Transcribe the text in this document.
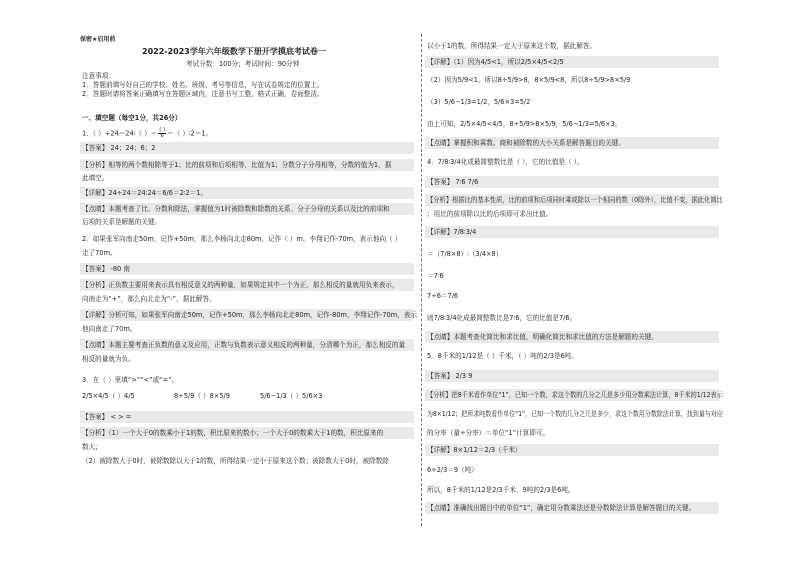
保密★启用前
2022-2023学年六年级数学下册开学摸底考试卷一
考试分数：100分；考试时间：90分钟
注意事项：
1．答题前填写好自己的学校、姓名、班级、考号等信息，写在试卷规定的位置上。
2．答题时请将答案正确填写在答题区域内，注意书写工整，格式正确，卷面整洁。
一、填空题（每空1分，共26分）
1．（ ）÷24＝24∶（ ）＝ $\frac{( )}{6}$ ＝（ ）∶2＝1。
【答案】 24；24；6；2
【分析】相等的两个数相除等于1；比的前项和后项相等，比值为1；分数分子分母相等，分数的值为1，据
此填空。
【详解】24÷24＝24∶24＝6/6＝2∶2＝1。
【点睛】本题考查了比、分数和除法，掌握值为1时被除数和除数的关系、分子分母的关系以及比的前项和
后项的关系是解题的关键。
2．如果张军向南走50m，记作+50m，那么李杨向北走80m，记作（ ）m，李翔记作-70m，表示他向（ ）
走了70m。
【答案】 -80 南
【分析】正负数主要用来表示具有相反意义的两种量，如果规定其中一个为正，那么相反的量就用负来表示，
向南走为“+”，那么向北走为“-”，据此解答。
【详解】分析可知，如果张军向南走50m，记作+50m，那么李杨向北走80m，记作-80m，李翔记作-70m，表示
他向南走了70m。
【点睛】本题主要考查正负数的意义及应用，正数与负数表示意义相反的两种量，分清哪个为正，那么相反的量
相反的量就为负。
3．在（ ）里填“>”“<”或“=”。
2/5×4/5（ ）4/5	8÷5/9（ ）8×5/9	5/6−1/3（ ）5/6×3
【答案】 < > =
【分析】（1）一个大于0的数乘小于1的数，积比原来的数小；一个大于0的数乘大于1的数，积比原来的
数大；
（2）被除数大于0时，被除数除以大于1的数，所得结果一定小于原来这个数；被除数大于0时，被除数除
以小于1的数，所得结果一定大于原来这个数，据此解答。
【详解】（1）因为4/5<1，所以2/5×4/5<2/5
（2）因为5/9<1，所以8÷5/9>8，8×5/9<8，所以8÷5/9>8×5/9
（3）5/6−1/3=1/2，5/6×3=5/2
由上可知，2/5×4/5<4/5，8÷5/9>8×5/9，5/6−1/3=5/6×3。
【点睛】掌握积和乘数、商和被除数的大小关系是解答题目的关键。
4．7/8∶3/4化成最简整数比是（ ），它的比值是（ ）。
【答案】 7∶6 7/6
【分析】根据比的基本性质，比的前项和后项同时乘或除以一个相同的数（0除外），比值不变，据此化简比
；用比的前项除以比的后项即可求出比值。
【详解】7/8∶3/4
＝（7/8×8）∶（3/4×8）
＝7∶6
7÷6＝7/6
则7/8∶3/4化成最简整数比是7∶6，它的比值是7/6。
【点睛】本题考查化简比和求比值，明确化简比和求比值的方法是解题的关键。
5．8千米的1/12是（ ）千米，（ ）吨的2/3是6吨。
【答案】 2/3 9
【分析】把8千米看作单位“1”，已知一个数，求这个数的几分之几是多少用分数乘法计算，8千米的1/12表示
为8×1/12；把所求吨数看作单位“1”，已知一个数的几分之几是多少，求这个数用分数除法计算，找到量与对应
的分率（量÷分率）＝单位“1”计算即可。
【详解】8×1/12＝2/3（千米）
6÷2/3＝9（吨）
所以，8千米的1/12是2/3千米，9吨的2/3是6吨。
【点睛】准确找出题目中的单位“1”，确定用分数乘法还是分数除法计算是解答题目的关键。
